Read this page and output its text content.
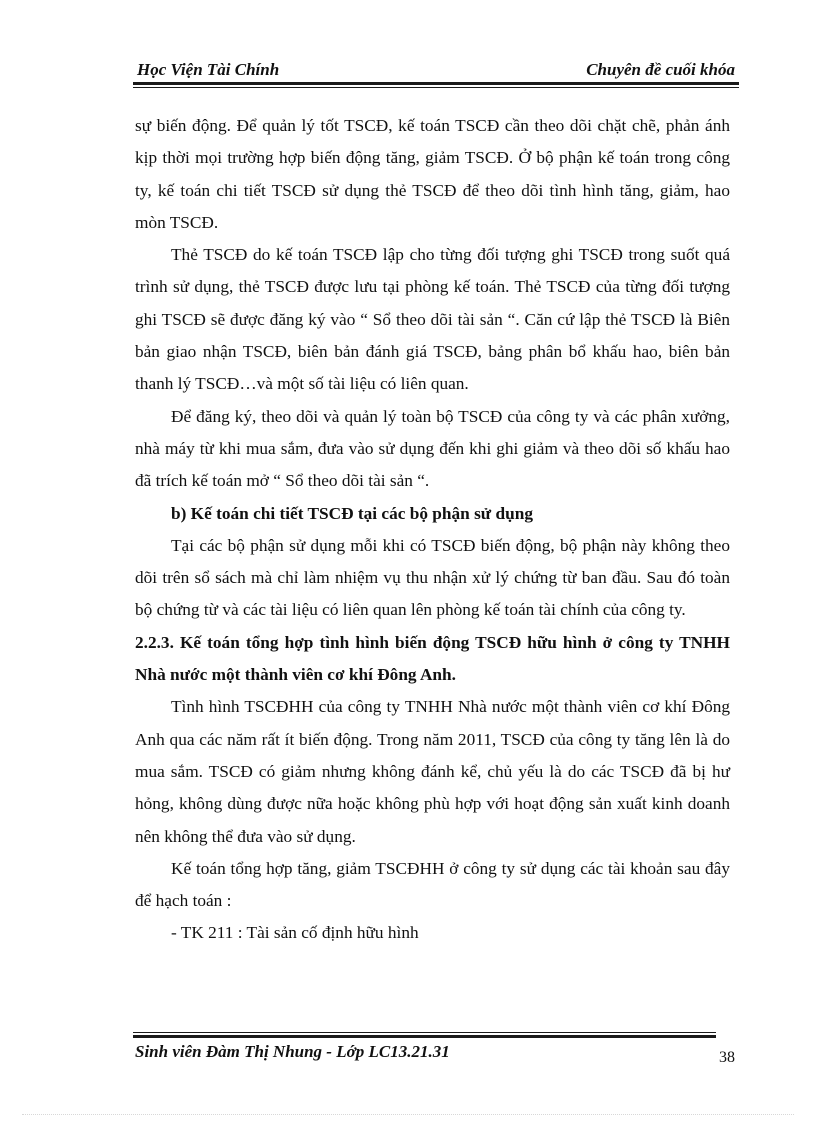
Học Viện Tài Chính	Chuyên đề cuối khóa

sự biến động. Để quản lý tốt TSCĐ, kế toán TSCĐ cần theo dõi chặt chẽ, phản ánh kịp thời mọi trường hợp biến động tăng, giảm TSCĐ. Ở bộ phận kế toán trong công ty, kế toán chi tiết TSCĐ sử dụng thẻ TSCĐ để theo dõi tình hình tăng, giảm, hao mòn TSCĐ.

Thẻ TSCĐ do kế toán TSCĐ lập cho từng đối tượng ghi TSCĐ trong suốt quá trình sử dụng, thẻ TSCĐ được lưu tại phòng kế toán. Thẻ TSCĐ của từng đối tượng ghi TSCĐ sẽ được đăng ký vào “ Sổ theo dõi tài sản “. Căn cứ lập thẻ TSCĐ là Biên bản giao nhận TSCĐ, biên bản đánh giá TSCĐ, bảng phân bổ khấu hao, biên bản thanh lý TSCĐ…và một số tài liệu có liên quan.

Để đăng ký, theo dõi và quản lý toàn bộ TSCĐ của công ty và các phân xưởng, nhà máy từ khi mua sắm, đưa vào sử dụng đến khi ghi giảm và theo dõi số khấu hao đã trích kế toán mở “ Sổ theo dõi tài sản “.

b) Kế toán chi tiết TSCĐ tại các bộ phận sử dụng

Tại các bộ phận sử dụng mỗi khi có TSCĐ biến động, bộ phận này không theo dõi trên sổ sách mà chỉ làm nhiệm vụ thu nhận xử lý chứng từ ban đầu. Sau đó toàn bộ chứng từ và các tài liệu có liên quan lên phòng kế toán tài chính của công ty.

2.2.3. Kế toán tổng hợp tình hình biến động TSCĐ hữu hình ở công ty TNHH Nhà nước một thành viên cơ khí Đông Anh.

Tình hình TSCĐHH của công ty TNHH Nhà nước một thành viên cơ khí Đông Anh qua các năm rất ít biến động. Trong năm 2011, TSCĐ của công ty tăng lên là do mua sắm. TSCĐ có giảm nhưng không đánh kể, chủ yếu là do các TSCĐ đã bị hư hỏng, không dùng được nữa hoặc không phù hợp với hoạt động sản xuất kinh doanh nên không thể đưa vào sử dụng.

Kế toán tổng hợp tăng, giảm TSCĐHH ở công ty sử dụng các tài khoản sau đây để hạch toán :

- TK 211 : Tài sản cố định hữu hình

Sinh viên Đàm Thị Nhung - Lớp LC13.21.31	38
